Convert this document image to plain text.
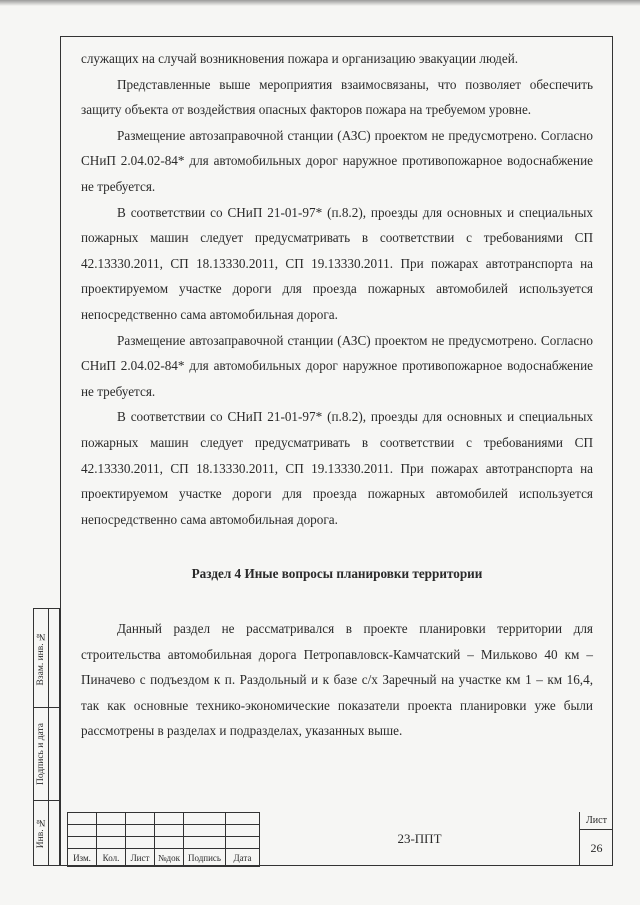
служащих на случай возникновения пожара и организацию эвакуации людей.

Представленные выше мероприятия взаимосвязаны, что позволяет обеспечить защиту объекта от воздействия опасных факторов пожара на требуемом уровне.

Размещение автозаправочной станции (АЗС) проектом не предусмотрено. Согласно СНиП 2.04.02-84* для автомобильных дорог наружное противопожарное водоснабжение не требуется.

В соответствии со СНиП 21-01-97* (п.8.2), проезды для основных и специальных пожарных машин следует предусматривать в соответствии с требованиями СП 42.13330.2011, СП 18.13330.2011, СП 19.13330.2011. При пожарах автотранспорта на проектируемом участке дороги для проезда пожарных автомобилей используется непосредственно сама автомобильная дорога.

Размещение автозаправочной станции (АЗС) проектом не предусмотрено. Согласно СНиП 2.04.02-84* для автомобильных дорог наружное противопожарное водоснабжение не требуется.

В соответствии со СНиП 21-01-97* (п.8.2), проезды для основных и специальных пожарных машин следует предусматривать в соответствии с требованиями СП 42.13330.2011, СП 18.13330.2011, СП 19.13330.2011. При пожарах автотранспорта на проектируемом участке дороги для проезда пожарных автомобилей используется непосредственно сама автомобильная дорога.

Раздел 4 Иные вопросы планировки территории

Данный раздел не рассматривался в проекте планировки территории для строительства автомобильная дорога Петропавловск-Камчатский – Мильково 40 км – Пиначево с подъездом к п. Раздольный и к базе с/х Заречный на участке км 1 – км 16,4, так как основные технико-экономические показатели проекта планировки уже были рассмотрены в разделах и подразделах, указанных выше.

Взам. инв. №
Подпись и дата
Инв. №

Изм.	Кол.	Лист	№док	Подпись	Дата
23-ППТ
Лист
26
